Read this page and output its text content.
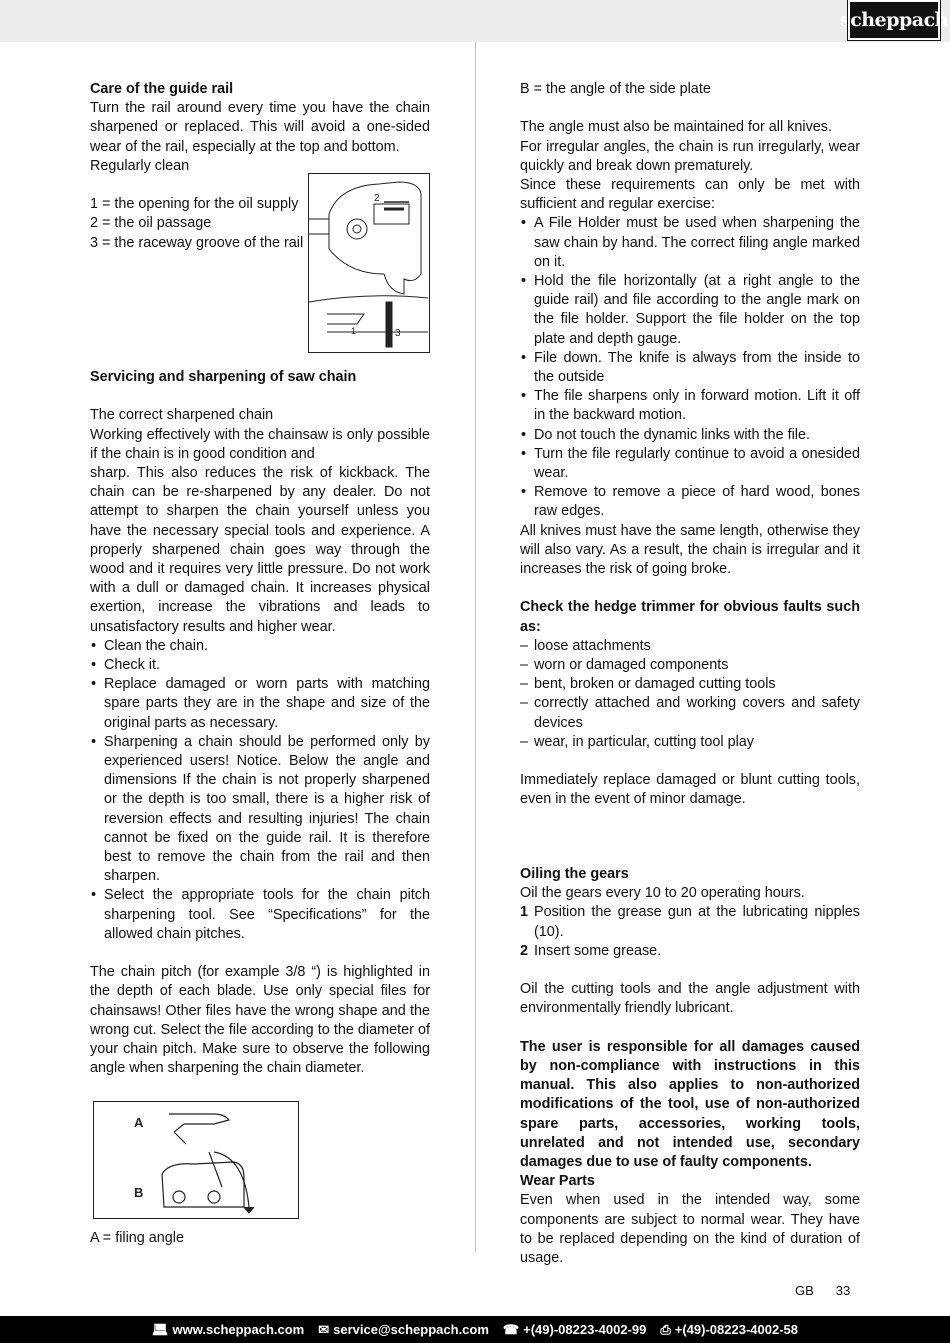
scheppach

Care of the guide rail

Turn the rail around every time you have the chain sharpened or replaced. This will avoid a one-sided wear of the rail, especially at the top and bottom.

Regularly clean

1 = the opening for the oil supply

2 = the oil passage

3 = the raceway groove of the rail

2
1	3

Servicing and sharpening of saw chain

The correct sharpened chain

Working effectively with the chainsaw is only possible if the chain is in good condition and

sharp. This also reduces the risk of kickback. The chain can be re-sharpened by any dealer. Do not attempt to sharpen the chain yourself unless you have the necessary special tools and experience. A properly sharpened chain goes way through the wood and it requires very little pressure. Do not work with a dull or damaged chain. It increases physical exertion, increase the vibrations and leads to unsatisfactory results and higher wear.

• Clean the chain.
• Check it.
• Replace damaged or worn parts with matching spare parts they are in the shape and size of the original parts as necessary.
• Sharpening a chain should be performed only by experienced users! Notice. Below the angle and dimensions If the chain is not properly sharpened or the depth is too small, there is a higher risk of reversion effects and resulting injuries! The chain cannot be fixed on the guide rail. It is therefore best to remove the chain from the rail and then sharpen.
• Select the appropriate tools for the chain pitch sharpening tool. See “Specifications” for the allowed chain pitches.

The chain pitch (for example 3/8 “) is highlighted in the depth of each blade. Use only special files for chainsaws! Other files have the wrong shape and the wrong cut. Select the file according to the diameter of your chain pitch. Make sure to observe the following angle when sharpening the chain diameter.

A
B

A = filing angle

B = the angle of the side plate

The angle must also be maintained for all knives.

For irregular angles, the chain is run irregularly, wear quickly and break down prematurely.

Since these requirements can only be met with sufficient and regular exercise:

• A File Holder must be used when sharpening the saw chain by hand. The correct filing angle marked on it.
• Hold the file horizontally (at a right angle to the guide rail) and file according to the angle mark on the file holder. Support the file holder on the top plate and depth gauge.
• File down. The knife is always from the inside to the outside
• The file sharpens only in forward motion. Lift it off in the backward motion.
• Do not touch the dynamic links with the file.
• Turn the file regularly continue to avoid a onesided wear.
• Remove to remove a piece of hard wood, bones raw edges.

All knives must have the same length, otherwise they will also vary. As a result, the chain is irregular and it increases the risk of going broke.

Check the hedge trimmer for obvious faults such as:

– loose attachments
– worn or damaged components
– bent, broken or damaged cutting tools
– correctly attached and working covers and safety devices
– wear, in particular, cutting tool play

Immediately replace damaged or blunt cutting tools, even in the event of minor damage.

Oiling the gears

Oil the gears every 10 to 20 operating hours.

1 Position the grease gun at the lubricating nipples (10).
2 Insert some grease.

Oil the cutting tools and the angle adjustment with environmentally friendly lubricant.

The user is responsible for all damages caused by non-compliance with instructions in this manual. This also applies to non-authorized modifications of the tool, use of non-authorized spare parts, accessories, working tools, unrelated and not intended use, secondary damages due to use of faulty components.

Wear Parts

Even when used in the intended way, some components are subject to normal wear. They have to be replaced depending on the kind of duration of usage.

GB 33
💻︎ www.scheppach.com ✉︎ service@scheppach.com ☎ +(49)-08223-4002-99 ⎙ +(49)-08223-4002-58
